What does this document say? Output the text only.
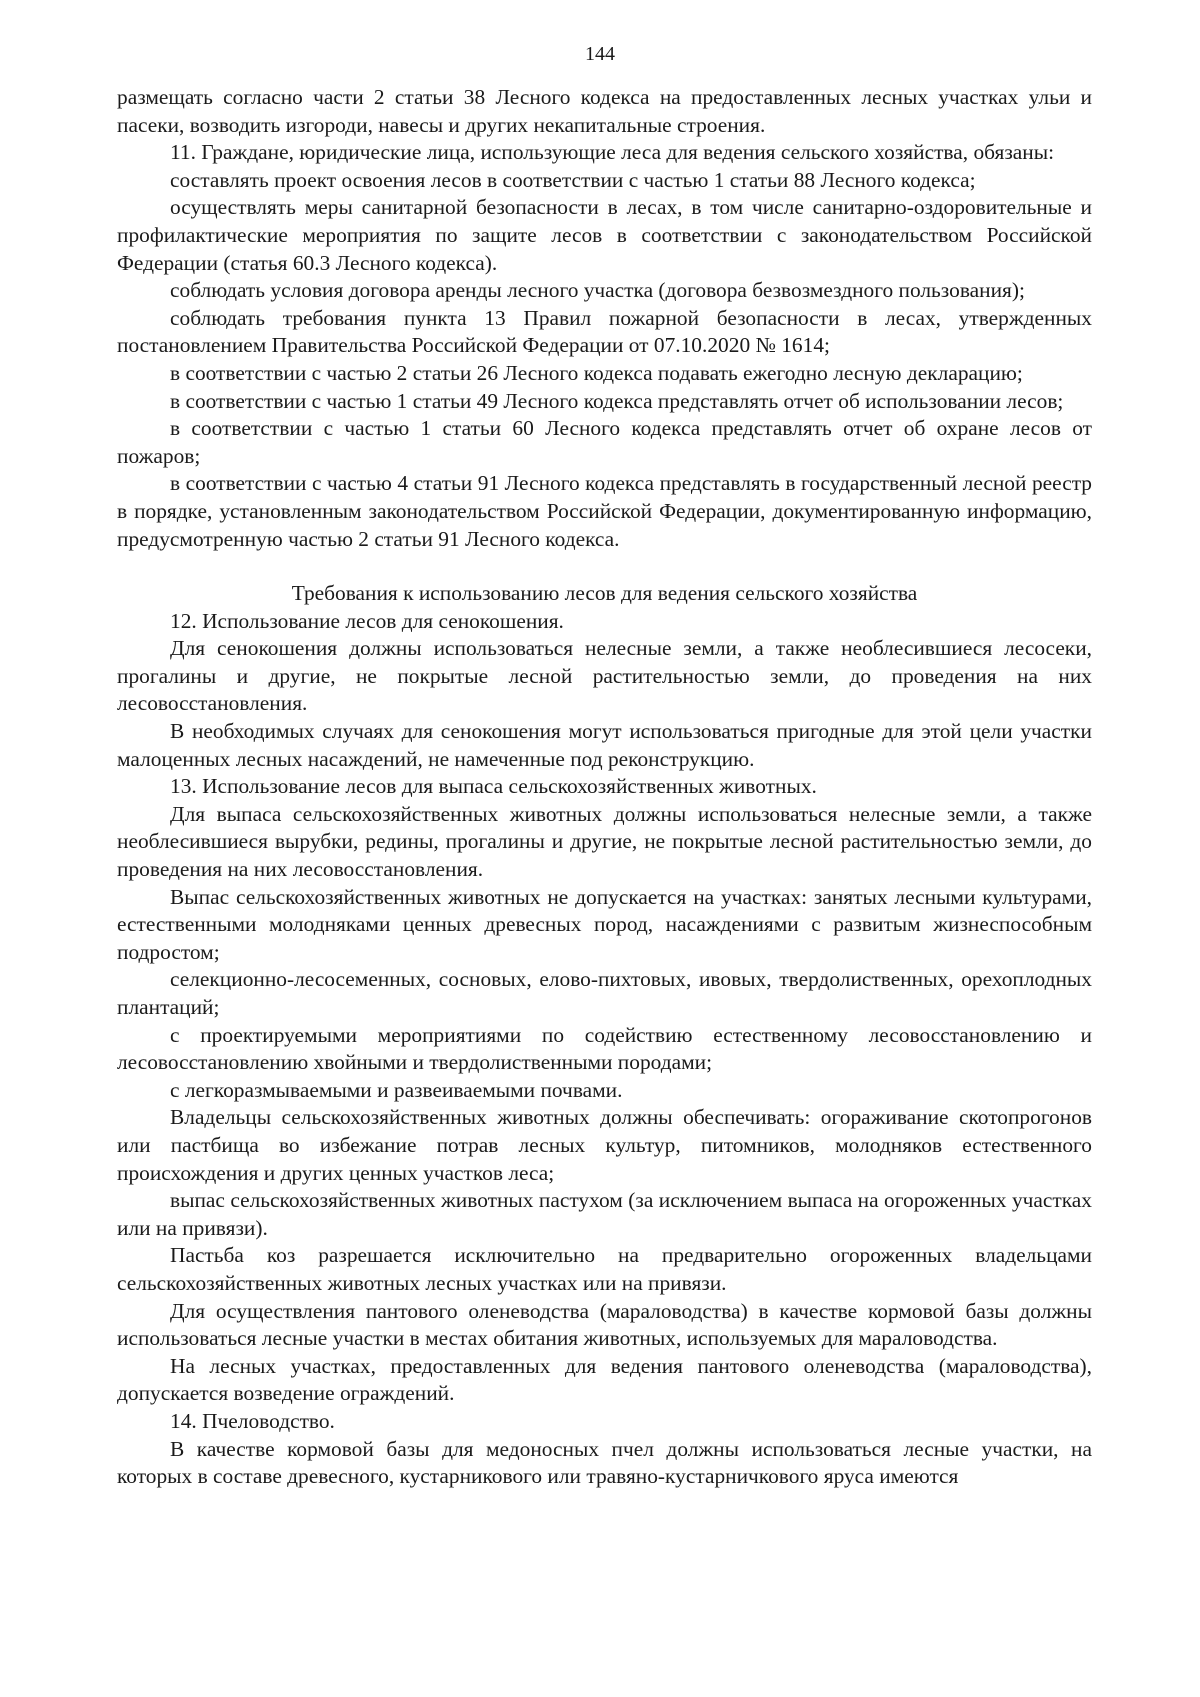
144

размещать согласно части 2 статьи 38 Лесного кодекса на предоставленных лесных участках ульи и пасеки, возводить изгороди, навесы и других некапитальные строения.

11. Граждане, юридические лица, использующие леса для ведения сельского хозяйства, обязаны:

составлять проект освоения лесов в соответствии с частью 1 статьи 88 Лесного кодекса;

осуществлять меры санитарной безопасности в лесах, в том числе санитарно-оздоровительные и профилактические мероприятия по защите лесов в соответствии с законодательством Российской Федерации (статья 60.3 Лесного кодекса).

соблюдать условия договора аренды лесного участка (договора безвозмездного пользования);

соблюдать требования пункта 13 Правил пожарной безопасности в лесах, утвержденных постановлением Правительства Российской Федерации от 07.10.2020 № 1614;

в соответствии с частью 2 статьи 26 Лесного кодекса подавать ежегодно лесную декларацию;

в соответствии с частью 1 статьи 49 Лесного кодекса представлять отчет об использовании лесов;

в соответствии с частью 1 статьи 60 Лесного кодекса представлять отчет об охране лесов от пожаров;

в соответствии с частью 4 статьи 91 Лесного кодекса представлять в государственный лесной реестр в порядке, установленным законодательством Российской Федерации, документированную информацию, предусмотренную частью 2 статьи 91 Лесного кодекса.

Требования к использованию лесов для ведения сельского хозяйства

12. Использование лесов для сенокошения.

Для сенокошения должны использоваться нелесные земли, а также необлесившиеся лесосеки, прогалины и другие, не покрытые лесной растительностью земли, до проведения на них лесовосстановления.

В необходимых случаях для сенокошения могут использоваться пригодные для этой цели участки малоценных лесных насаждений, не намеченные под реконструкцию.

13. Использование лесов для выпаса сельскохозяйственных животных.

Для выпаса сельскохозяйственных животных должны использоваться нелесные земли, а также необлесившиеся вырубки, редины, прогалины и другие, не покрытые лесной растительностью земли, до проведения на них лесовосстановления.

Выпас сельскохозяйственных животных не допускается на участках: занятых лесными культурами, естественными молодняками ценных древесных пород, насаждениями с развитым жизнеспособным подростом;

селекционно-лесосеменных, сосновых, елово-пихтовых, ивовых, твердолиственных, орехоплодных плантаций;

с проектируемыми мероприятиями по содействию естественному лесовосстановлению и лесовосстановлению хвойными и твердолиственными породами;

с легкоразмываемыми и развеиваемыми почвами.

Владельцы сельскохозяйственных животных должны обеспечивать: огораживание скотопрогонов или пастбища во избежание потрав лесных культур, питомников, молодняков естественного происхождения и других ценных участков леса;

выпас сельскохозяйственных животных пастухом (за исключением выпаса на огороженных участках или на привязи).

Пастьба коз разрешается исключительно на предварительно огороженных владельцами сельскохозяйственных животных лесных участках или на привязи.

Для осуществления пантового оленеводства (мараловодства) в качестве кормовой базы должны использоваться лесные участки в местах обитания животных, используемых для мараловодства.

На лесных участках, предоставленных для ведения пантового оленеводства (мараловодства), допускается возведение ограждений.

14. Пчеловодство.

В качестве кормовой базы для медоносных пчел должны использоваться лесные участки, на которых в составе древесного, кустарникового или травяно-кустарничкового яруса имеются
